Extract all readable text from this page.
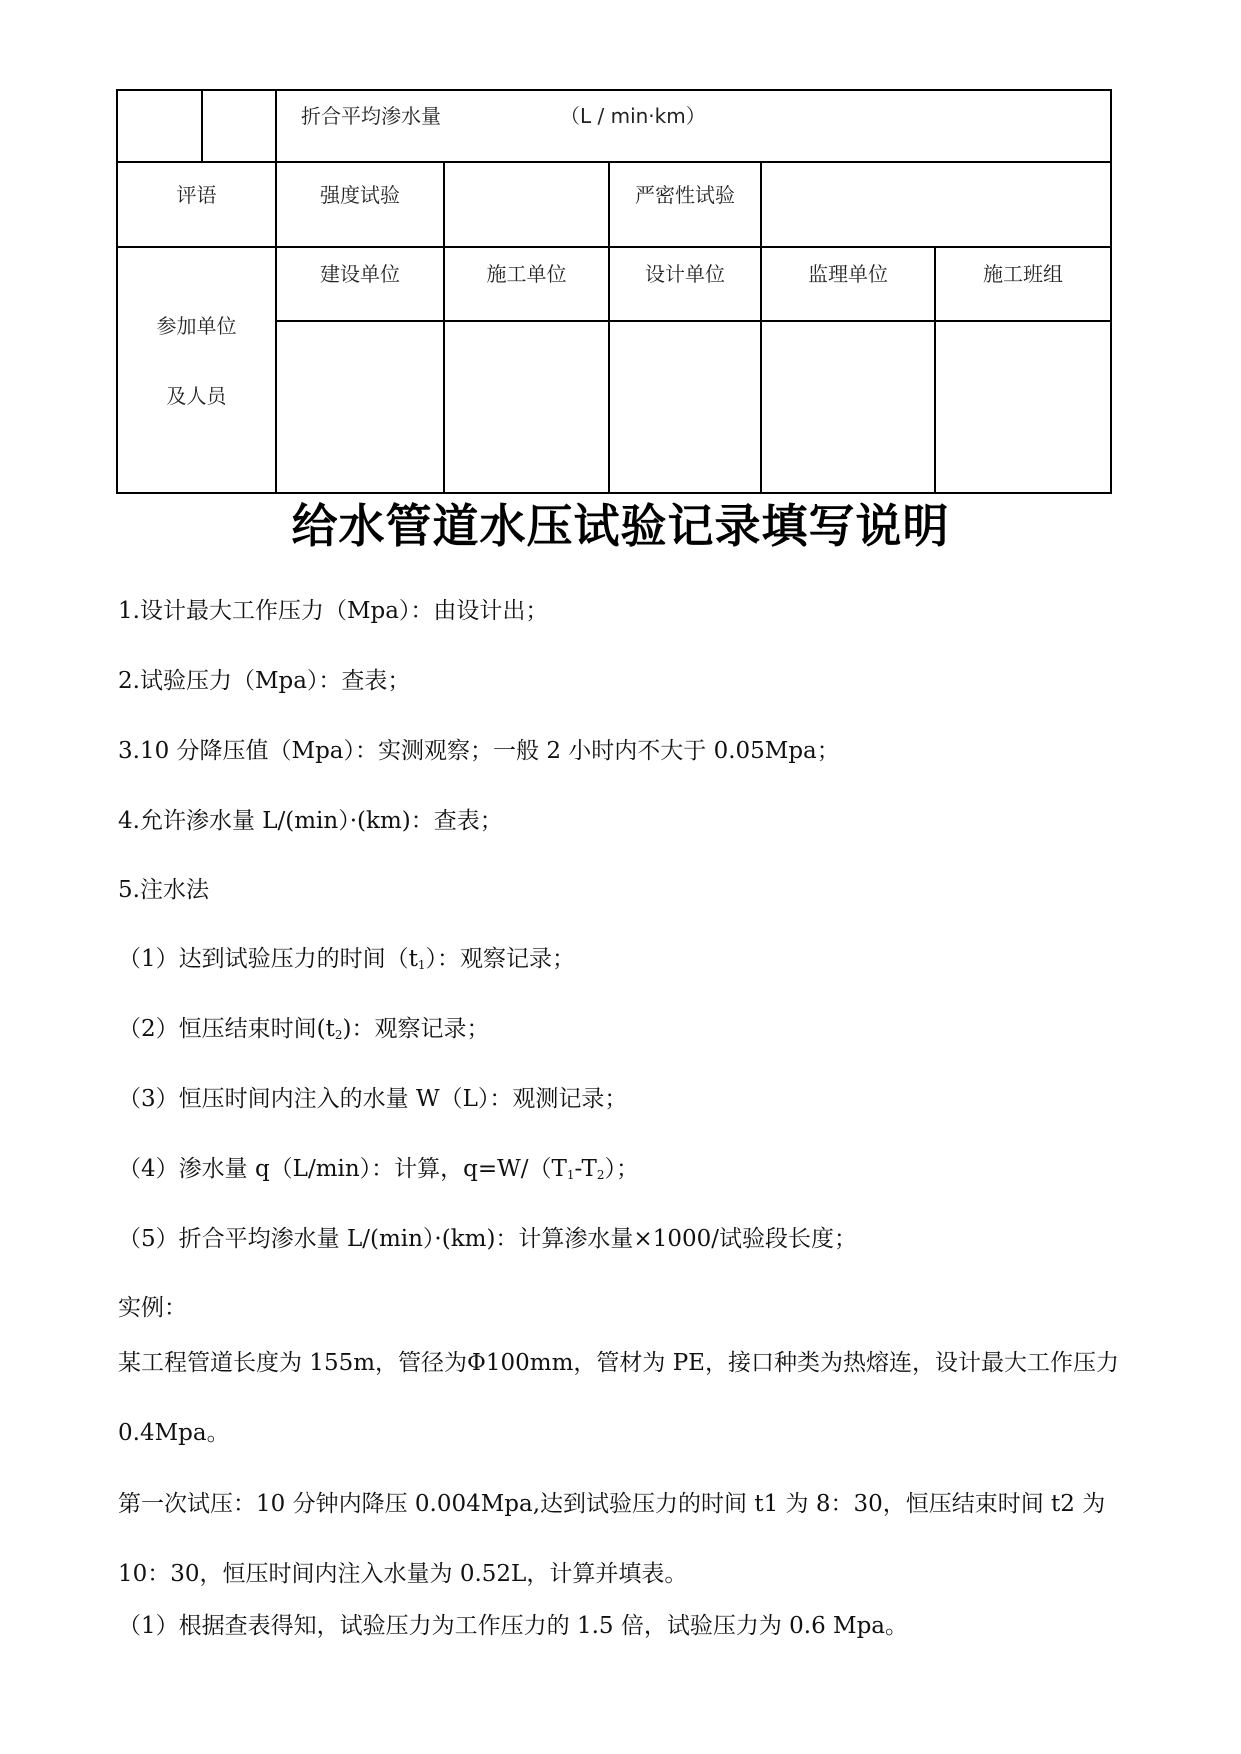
折合平均渗水量	（L / min·km）
评语	强度试验	严密性试验
建设单位	施工单位	设计单位	监理单位	施工班组
参加单位
及人员
给水管道水压试验记录填写说明
1.设计最大工作压力（Mpa）：由设计出；
2.试验压力（Mpa）：查表；
3.10 分降压值（Mpa）：实测观察；一般 2 小时内不大于 0.05Mpa；
4.允许渗水量 L/(min）·(km)：查表；
5.注水法
（1）达到试验压力的时间$(t_1)$：观察记录；
（2）恒压结束时间$(t_2)$：观察记录；
（3）恒压时间内注入的水量 W（L）：观测记录；
（4）渗水量 q（L/min）：计算，$q=W/(T_1-T_2)$；
（5）折合平均渗水量 L/(min）·(km)：计算渗水量×1000/试验段长度；
实例：
某工程管道长度为 155m，管径为Φ100mm，管材为 PE，接口种类为热熔连，设计最大工作压力 0.4Mpa。
第一次试压：10 分钟内降压 0.004Mpa,达到试验压力的时间 t1 为 8：30，恒压结束时间 t2 为 10：30，恒压时间内注入水量为 0.52L，计算并填表。
（1）根据查表得知，试验压力为工作压力的 1.5 倍，试验压力为 0.6 Mpa。
